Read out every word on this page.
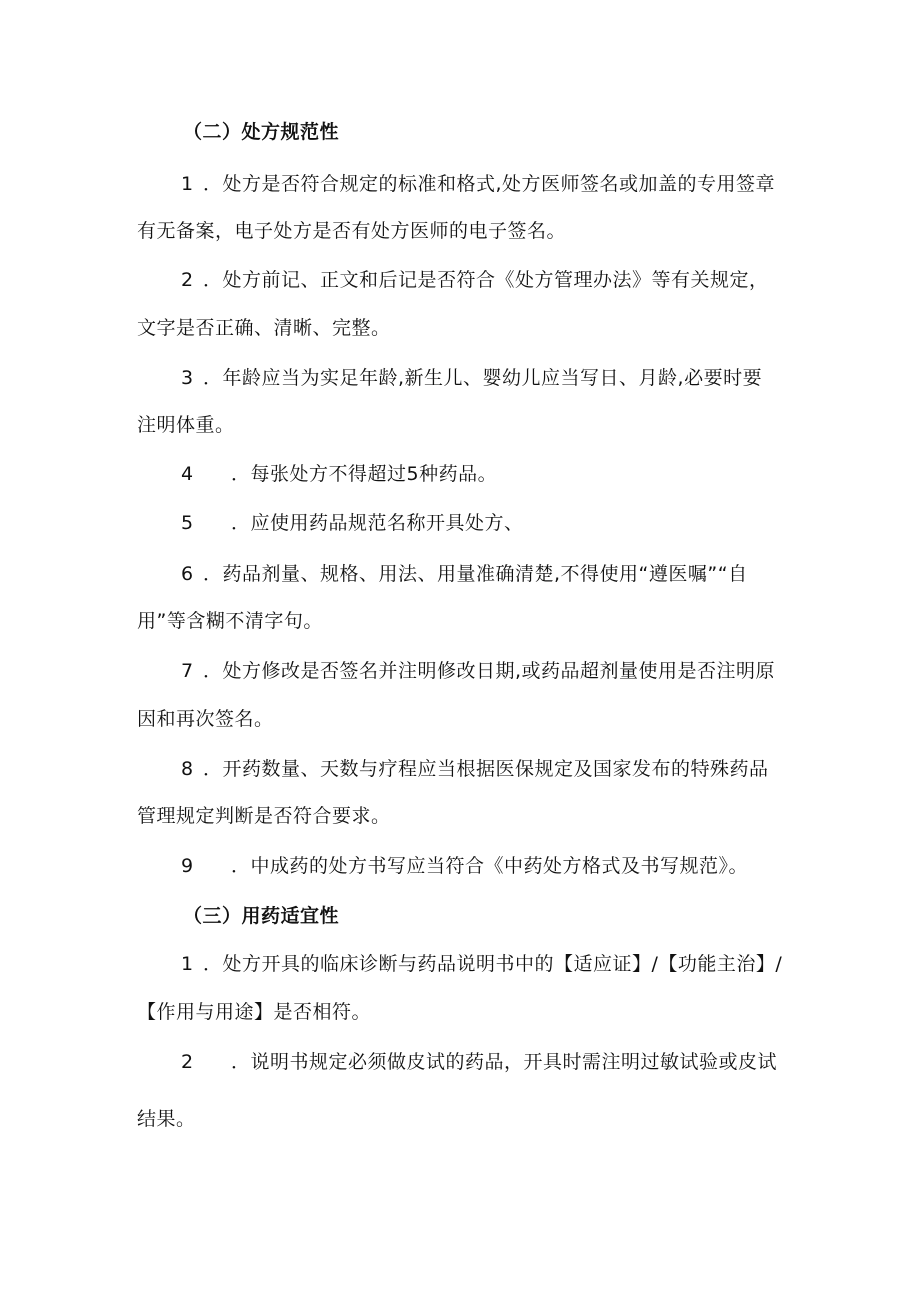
（二）处方规范性
1 ．处方是否符合规定的标准和格式,处方医师签名或加盖的专用签章
有无备案，电子处方是否有处方医师的电子签名。
2 ．处方前记、正文和后记是否符合《处方管理办法》等有关规定，
文字是否正确、清晰、完整。
3 ．年龄应当为实足年龄,新生儿、婴幼儿应当写日、月龄,必要时要
注明体重。
4 ．每张处方不得超过5种药品。
5 ．应使用药品规范名称开具处方、
6 ．药品剂量、规格、用法、用量准确清楚,不得使用“遵医嘱”“自
用”等含糊不清字句。
7 ．处方修改是否签名并注明修改日期,或药品超剂量使用是否注明原
因和再次签名。
8 ．开药数量、天数与疗程应当根据医保规定及国家发布的特殊药品
管理规定判断是否符合要求。
9 ．中成药的处方书写应当符合《中药处方格式及书写规范》。
（三）用药适宜性
1 ．处方开具的临床诊断与药品说明书中的【适应证】/【功能主治】/
【作用与用途】是否相符。
2 ．说明书规定必须做皮试的药品，开具时需注明过敏试验或皮试
结果。
